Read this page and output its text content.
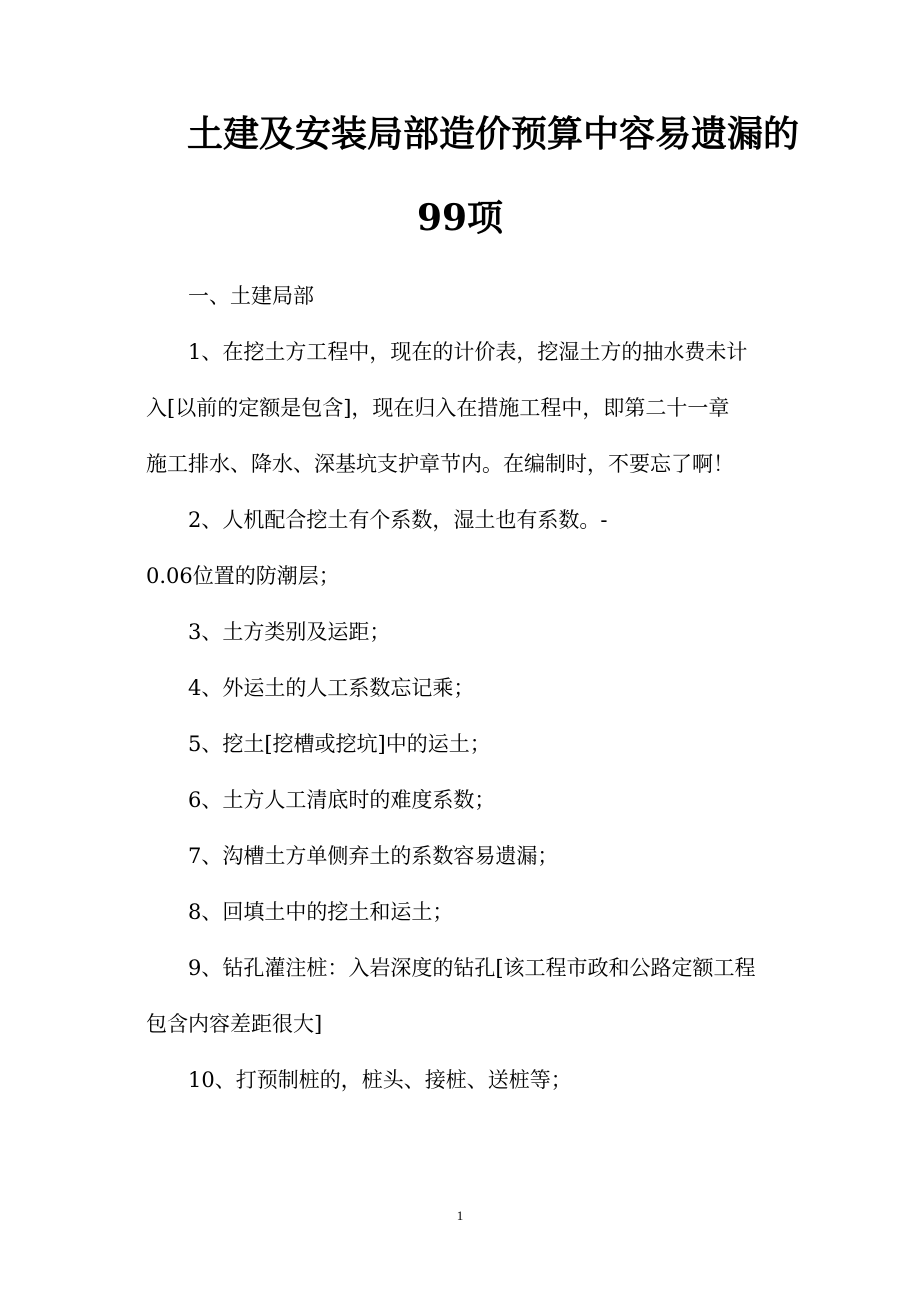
土建及安装局部造价预算中容易遗漏的
99项
一、土建局部
1、在挖土方工程中，现在的计价表，挖湿土方的抽水费未计
入[以前的定额是包含]，现在归入在措施工程中，即第二十一章
施工排水、降水、深基坑支护章节内。在编制时，不要忘了啊！
2、人机配合挖土有个系数，湿土也有系数。-
0.06位置的防潮层；
3、土方类别及运距；
4、外运土的人工系数忘记乘；
5、挖土[挖槽或挖坑]中的运土；
6、土方人工清底时的难度系数；
7、沟槽土方单侧弃土的系数容易遗漏；
8、回填土中的挖土和运土；
9、钻孔灌注桩：入岩深度的钻孔[该工程市政和公路定额工程
包含内容差距很大]
10、打预制桩的，桩头、接桩、送桩等；
1
